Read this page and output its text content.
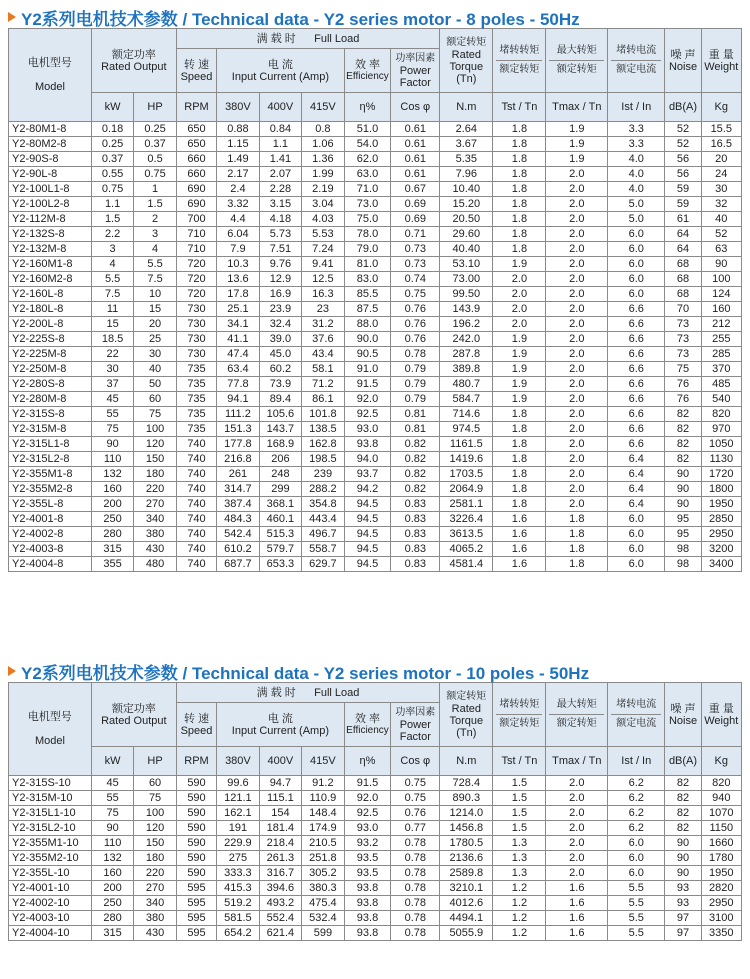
Y2系列电机技术参数 / Technical data - Y2 series motor - 8 poles - 50Hz
电机型号
Model	额定功率
Rated Output		满 载 时 Full Load						额定转矩
Rated
Torque
(Tn)	堵转转矩
额定转矩	最大转矩
额定转矩	堵转电流
额定电流	噪 声
Noise	重 量
Weight

			转 速
Speed	电 流
Input Current (Amp)			效 率
Efficiency	功率因素
Power
Factor						

	kW	HP	RPM	380V	400V	415V	η%	Cos φ	N.m	Tst / Tn	Tmax / Tn	Ist / In	dB(A)	Kg
Y2-80M1-8	0.18	0.25	650	0.88	0.84	0.8	51.0	0.61	2.64	1.8	1.9	3.3	52	15.5
Y2-80M2-8	0.25	0.37	650	1.15	1.1	1.06	54.0	0.61	3.67	1.8	1.9	3.3	52	16.5
Y2-90S-8	0.37	0.5	660	1.49	1.41	1.36	62.0	0.61	5.35	1.8	1.9	4.0	56	20
Y2-90L-8	0.55	0.75	660	2.17	2.07	1.99	63.0	0.61	7.96	1.8	2.0	4.0	56	24
Y2-100L1-8	0.75	1	690	2.4	2.28	2.19	71.0	0.67	10.40	1.8	2.0	4.0	59	30
Y2-100L2-8	1.1	1.5	690	3.32	3.15	3.04	73.0	0.69	15.20	1.8	2.0	5.0	59	32
Y2-112M-8	1.5	2	700	4.4	4.18	4.03	75.0	0.69	20.50	1.8	2.0	5.0	61	40
Y2-132S-8	2.2	3	710	6.04	5.73	5.53	78.0	0.71	29.60	1.8	2.0	6.0	64	52
Y2-132M-8	3	4	710	7.9	7.51	7.24	79.0	0.73	40.40	1.8	2.0	6.0	64	63
Y2-160M1-8	4	5.5	720	10.3	9.76	9.41	81.0	0.73	53.10	1.9	2.0	6.0	68	90
Y2-160M2-8	5.5	7.5	720	13.6	12.9	12.5	83.0	0.74	73.00	2.0	2.0	6.0	68	100
Y2-160L-8	7.5	10	720	17.8	16.9	16.3	85.5	0.75	99.50	2.0	2.0	6.0	68	124
Y2-180L-8	11	15	730	25.1	23.9	23	87.5	0.76	143.9	2.0	2.0	6.6	70	160
Y2-200L-8	15	20	730	34.1	32.4	31.2	88.0	0.76	196.2	2.0	2.0	6.6	73	212
Y2-225S-8	18.5	25	730	41.1	39.0	37.6	90.0	0.76	242.0	1.9	2.0	6.6	73	255
Y2-225M-8	22	30	730	47.4	45.0	43.4	90.5	0.78	287.8	1.9	2.0	6.6	73	285
Y2-250M-8	30	40	735	63.4	60.2	58.1	91.0	0.79	389.8	1.9	2.0	6.6	75	370
Y2-280S-8	37	50	735	77.8	73.9	71.2	91.5	0.79	480.7	1.9	2.0	6.6	76	485
Y2-280M-8	45	60	735	94.1	89.4	86.1	92.0	0.79	584.7	1.9	2.0	6.6	76	540
Y2-315S-8	55	75	735	111.2	105.6	101.8	92.5	0.81	714.6	1.8	2.0	6.6	82	820
Y2-315M-8	75	100	735	151.3	143.7	138.5	93.0	0.81	974.5	1.8	2.0	6.6	82	970
Y2-315L1-8	90	120	740	177.8	168.9	162.8	93.8	0.82	1161.5	1.8	2.0	6.6	82	1050
Y2-315L2-8	110	150	740	216.8	206	198.5	94.0	0.82	1419.6	1.8	2.0	6.4	82	1130
Y2-355M1-8	132	180	740	261	248	239	93.7	0.82	1703.5	1.8	2.0	6.4	90	1720
Y2-355M2-8	160	220	740	314.7	299	288.2	94.2	0.82	2064.9	1.8	2.0	6.4	90	1800
Y2-355L-8	200	270	740	387.4	368.1	354.8	94.5	0.83	2581.1	1.8	2.0	6.4	90	1950
Y2-4001-8	250	340	740	484.3	460.1	443.4	94.5	0.83	3226.4	1.6	1.8	6.0	95	2850
Y2-4002-8	280	380	740	542.4	515.3	496.7	94.5	0.83	3613.5	1.6	1.8	6.0	95	2950
Y2-4003-8	315	430	740	610.2	579.7	558.7	94.5	0.83	4065.2	1.6	1.8	6.0	98	3200
Y2-4004-8	355	480	740	687.7	653.3	629.7	94.5	0.83	4581.4	1.6	1.8	6.0	98	3400
Y2系列电机技术参数 / Technical data - Y2 series motor - 10 poles - 50Hz
电机型号
Model	额定功率
Rated Output		满 载 时 Full Load						额定转矩
Rated
Torque
(Tn)	堵转转矩
额定转矩	最大转矩
额定转矩	堵转电流
额定电流	噪 声
Noise	重 量
Weight

			转 速
Speed	电 流
Input Current (Amp)			效 率
Efficiency	功率因素
Power
Factor						

	kW	HP	RPM	380V	400V	415V	η%	Cos φ	N.m	Tst / Tn	Tmax / Tn	Ist / In	dB(A)	Kg
Y2-315S-10	45	60	590	99.6	94.7	91.2	91.5	0.75	728.4	1.5	2.0	6.2	82	820
Y2-315M-10	55	75	590	121.1	115.1	110.9	92.0	0.75	890.3	1.5	2.0	6.2	82	940
Y2-315L1-10	75	100	590	162.1	154	148.4	92.5	0.76	1214.0	1.5	2.0	6.2	82	1070
Y2-315L2-10	90	120	590	191	181.4	174.9	93.0	0.77	1456.8	1.5	2.0	6.2	82	1150
Y2-355M1-10	110	150	590	229.9	218.4	210.5	93.2	0.78	1780.5	1.3	2.0	6.0	90	1660
Y2-355M2-10	132	180	590	275	261.3	251.8	93.5	0.78	2136.6	1.3	2.0	6.0	90	1780
Y2-355L-10	160	220	590	333.3	316.7	305.2	93.5	0.78	2589.8	1.3	2.0	6.0	90	1950
Y2-4001-10	200	270	595	415.3	394.6	380.3	93.8	0.78	3210.1	1.2	1.6	5.5	93	2820
Y2-4002-10	250	340	595	519.2	493.2	475.4	93.8	0.78	4012.6	1.2	1.6	5.5	93	2950
Y2-4003-10	280	380	595	581.5	552.4	532.4	93.8	0.78	4494.1	1.2	1.6	5.5	97	3100
Y2-4004-10	315	430	595	654.2	621.4	599	93.8	0.78	5055.9	1.2	1.6	5.5	97	3350
